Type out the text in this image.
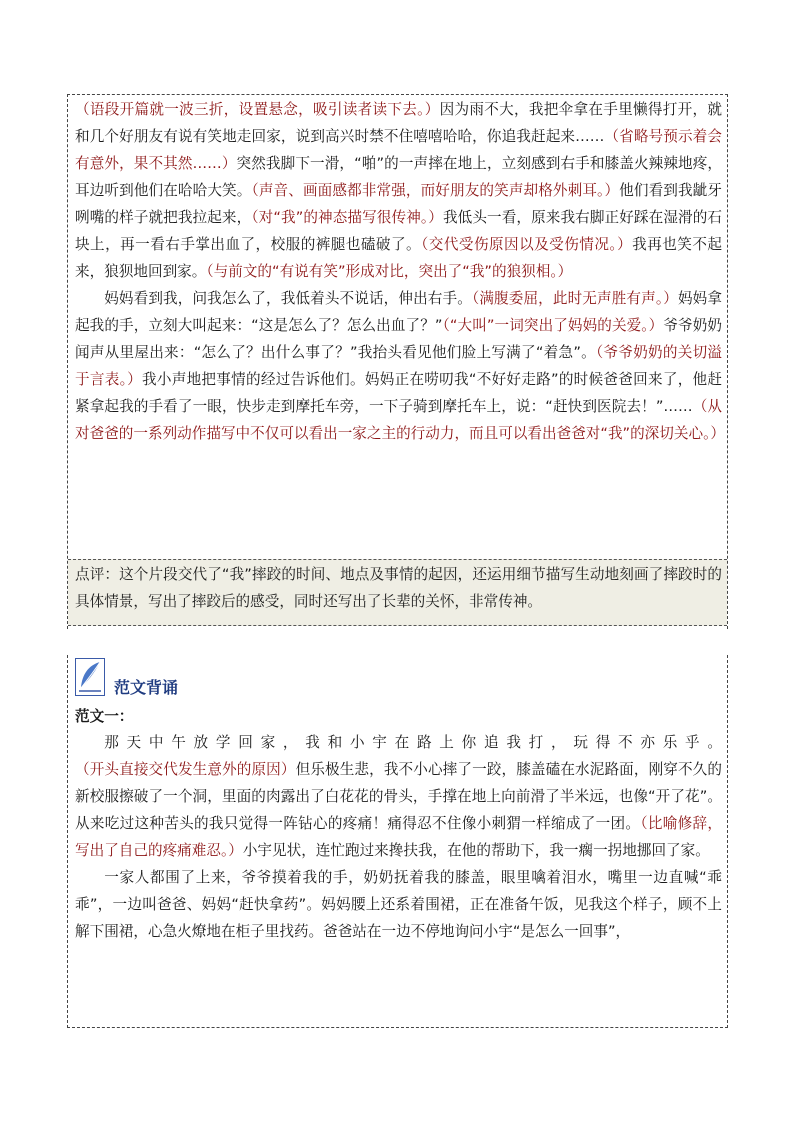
（语段开篇就一波三折，设置悬念，吸引读者读下去。）因为雨不大，我把伞拿在手里懒得打开，就和几个好朋友有说有笑地走回家，说到高兴时禁不住嘻嘻哈哈，你追我赶起来……（省略号预示着会有意外，果不其然……）突然我脚下一滑，“啪”的一声摔在地上，立刻感到右手和膝盖火辣辣地疼，耳边听到他们在哈哈大笑。（声音、画面感都非常强，而好朋友的笑声却格外刺耳。）他们看到我龇牙咧嘴的样子就把我拉起来，（对“我”的神态描写很传神。）我低头一看，原来我右脚正好踩在湿滑的石块上，再一看右手掌出血了，校服的裤腿也磕破了。（交代受伤原因以及受伤情况。）我再也笑不起来，狼狈地回到家。（与前文的“有说有笑”形成对比，突出了“我”的狼狈相。）

妈妈看到我，问我怎么了，我低着头不说话，伸出右手。（满腹委屈，此时无声胜有声。）妈妈拿起我的手，立刻大叫起来：“这是怎么了？怎么出血了？”（“大叫”一词突出了妈妈的关爱。）爷爷奶奶闻声从里屋出来：“怎么了？出什么事了？”我抬头看见他们脸上写满了“着急”。（爷爷奶奶的关切溢于言表。）我小声地把事情的经过告诉他们。妈妈正在唠叨我“不好好走路”的时候爸爸回来了，他赶紧拿起我的手看了一眼，快步走到摩托车旁，一下子骑到摩托车上，说：“赶快到医院去！”……（从对爸爸的一系列动作描写中不仅可以看出一家之主的行动力，而且可以看出爸爸对“我”的深切关心。）

点评：这个片段交代了“我”摔跤的时间、地点及事情的起因，还运用细节描写生动地刻画了摔跤时的具体情景，写出了摔跤后的感受，同时还写出了长辈的关怀，非常传神。

范文背诵

范文一：

那天中午放学回家，我和小宇在路上你追我打，玩得不亦乐乎。（开头直接交代发生意外的原因）但乐极生悲，我不小心摔了一跤，膝盖磕在水泥路面，刚穿不久的新校服擦破了一个洞，里面的肉露出了白花花的骨头，手撑在地上向前滑了半米远，也像“开了花”。从来吃过这种苦头的我只觉得一阵钻心的疼痛！痛得忍不住像小刺猬一样缩成了一团。（比喻修辞，写出了自己的疼痛难忍。）小宇见状，连忙跑过来搀扶我，在他的帮助下，我一瘸一拐地挪回了家。

一家人都围了上来，爷爷摸着我的手，奶奶抚着我的膝盖，眼里噙着泪水，嘴里一边直喊“乖乖”，一边叫爸爸、妈妈“赶快拿药”。妈妈腰上还系着围裙，正在准备午饭，见我这个样子，顾不上解下围裙，心急火燎地在柜子里找药。爸爸站在一边不停地询问小宇“是怎么一回事”，
